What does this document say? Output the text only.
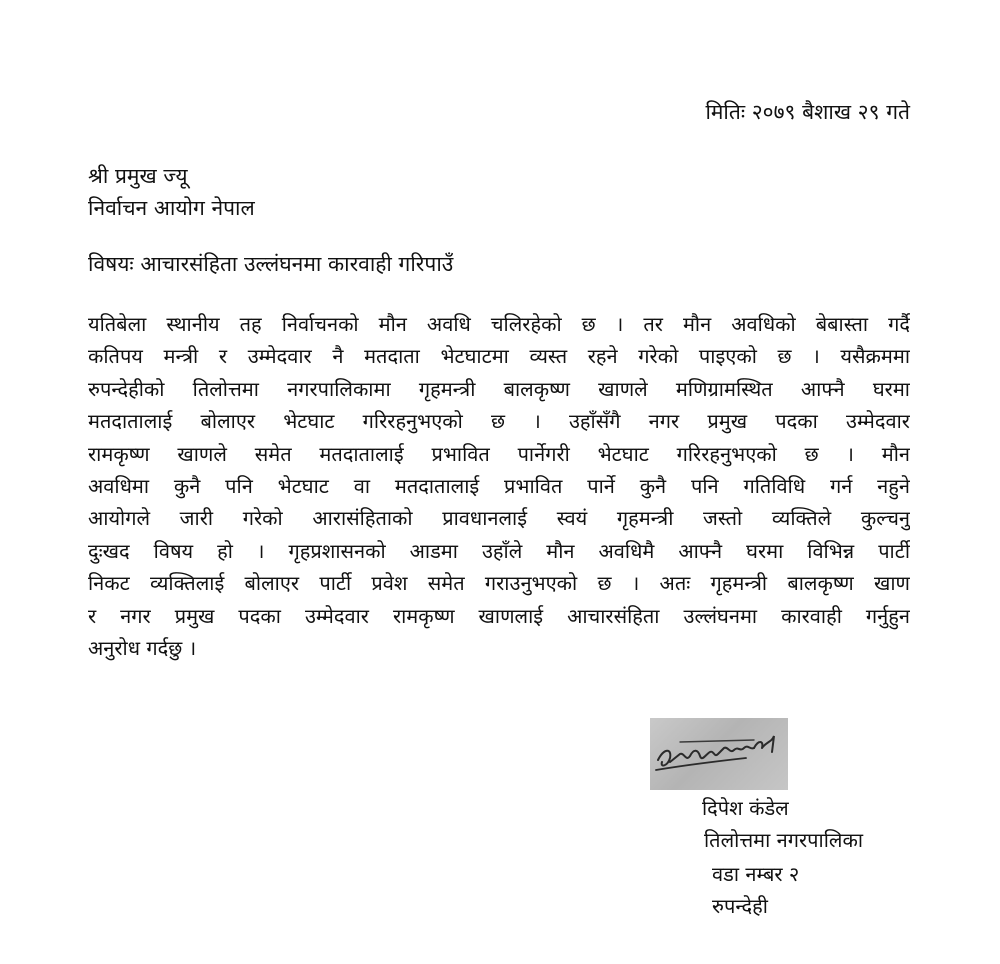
मितिः २०७९ बैशाख २९ गते
श्री प्रमुख ज्यू
निर्वाचन आयोग नेपाल
विषयः आचारसंहिता उल्लंघनमा कारवाही गरिपाउँ
यतिबेला स्थानीय तह निर्वाचनको मौन अवधि चलिरहेको छ । तर मौन अवधिको बेबास्ता गर्दै
कतिपय मन्त्री र उम्मेदवार नै मतदाता भेटघाटमा व्यस्त रहने गरेको पाइएको छ । यसैक्रममा
रुपन्देहीको तिलोत्तमा नगरपालिकामा गृहमन्त्री बालकृष्ण खाणले मणिग्रामस्थित आफ्नै घरमा
मतदातालाई बोलाएर भेटघाट गरिरहनुभएको छ । उहाँसँगै नगर प्रमुख पदका उम्मेदवार
रामकृष्ण खाणले समेत मतदातालाई प्रभावित पार्नेगरी भेटघाट गरिरहनुभएको छ । मौन
अवधिमा कुनै पनि भेटघाट वा मतदातालाई प्रभावित पार्ने कुनै पनि गतिविधि गर्न नहुने
आयोगले जारी गरेको आरासंहिताको प्रावधानलाई स्वयं गृहमन्त्री जस्तो व्यक्तिले कुल्चनु
दुःखद विषय हो । गृहप्रशासनको आडमा उहाँले मौन अवधिमै आफ्नै घरमा विभिन्न पार्टी
निकट व्यक्तिलाई बोलाएर पार्टी प्रवेश समेत गराउनुभएको छ । अतः गृहमन्त्री बालकृष्ण खाण
र नगर प्रमुख पदका उम्मेदवार रामकृष्ण खाणलाई आचारसंहिता उल्लंघनमा कारवाही गर्नुहुन
अनुरोध गर्दछु ।
दिपेश कंडेल
तिलोत्तमा नगरपालिका
वडा नम्बर २
रुपन्देही
